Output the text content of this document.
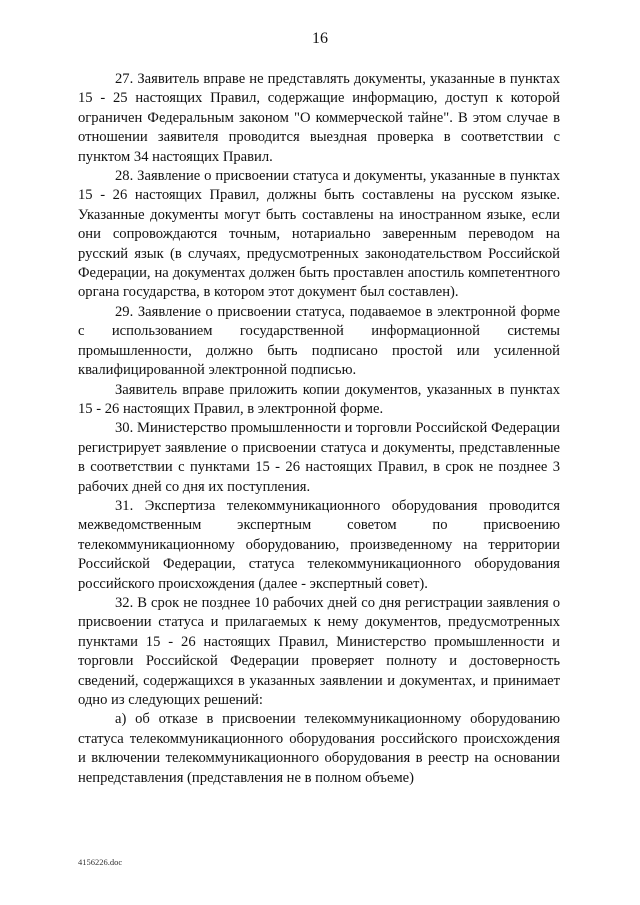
16

27. Заявитель вправе не представлять документы, указанные в пунктах 15 - 25 настоящих Правил, содержащие информацию, доступ к которой ограничен Федеральным законом "О коммерческой тайне". В этом случае в отношении заявителя проводится выездная проверка в соответствии с пунктом 34 настоящих Правил.

28. Заявление о присвоении статуса и документы, указанные в пунктах 15 - 26 настоящих Правил, должны быть составлены на русском языке. Указанные документы могут быть составлены на иностранном языке, если они сопровождаются точным, нотариально заверенным переводом на русский язык (в случаях, предусмотренных законодательством Российской Федерации, на документах должен быть проставлен апостиль компетентного органа государства, в котором этот документ был составлен).

29. Заявление о присвоении статуса, подаваемое в электронной форме с использованием государственной информационной системы промышленности, должно быть подписано простой или усиленной квалифицированной электронной подписью.

Заявитель вправе приложить копии документов, указанных в пунктах 15 - 26 настоящих Правил, в электронной форме.

30. Министерство промышленности и торговли Российской Федерации регистрирует заявление о присвоении статуса и документы, представленные в соответствии с пунктами 15 - 26 настоящих Правил, в срок не позднее 3 рабочих дней со дня их поступления.

31. Экспертиза телекоммуникационного оборудования проводится межведомственным экспертным советом по присвоению телекоммуникационному оборудованию, произведенному на территории Российской Федерации, статуса телекоммуникационного оборудования российского происхождения (далее - экспертный совет).

32. В срок не позднее 10 рабочих дней со дня регистрации заявления о присвоении статуса и прилагаемых к нему документов, предусмотренных пунктами 15 - 26 настоящих Правил, Министерство промышленности и торговли Российской Федерации проверяет полноту и достоверность сведений, содержащихся в указанных заявлении и документах, и принимает одно из следующих решений:

а) об отказе в присвоении телекоммуникационному оборудованию статуса телекоммуникационного оборудования российского происхождения и включении телекоммуникационного оборудования в реестр на основании непредставления (представления не в полном объеме)

4156226.doc
